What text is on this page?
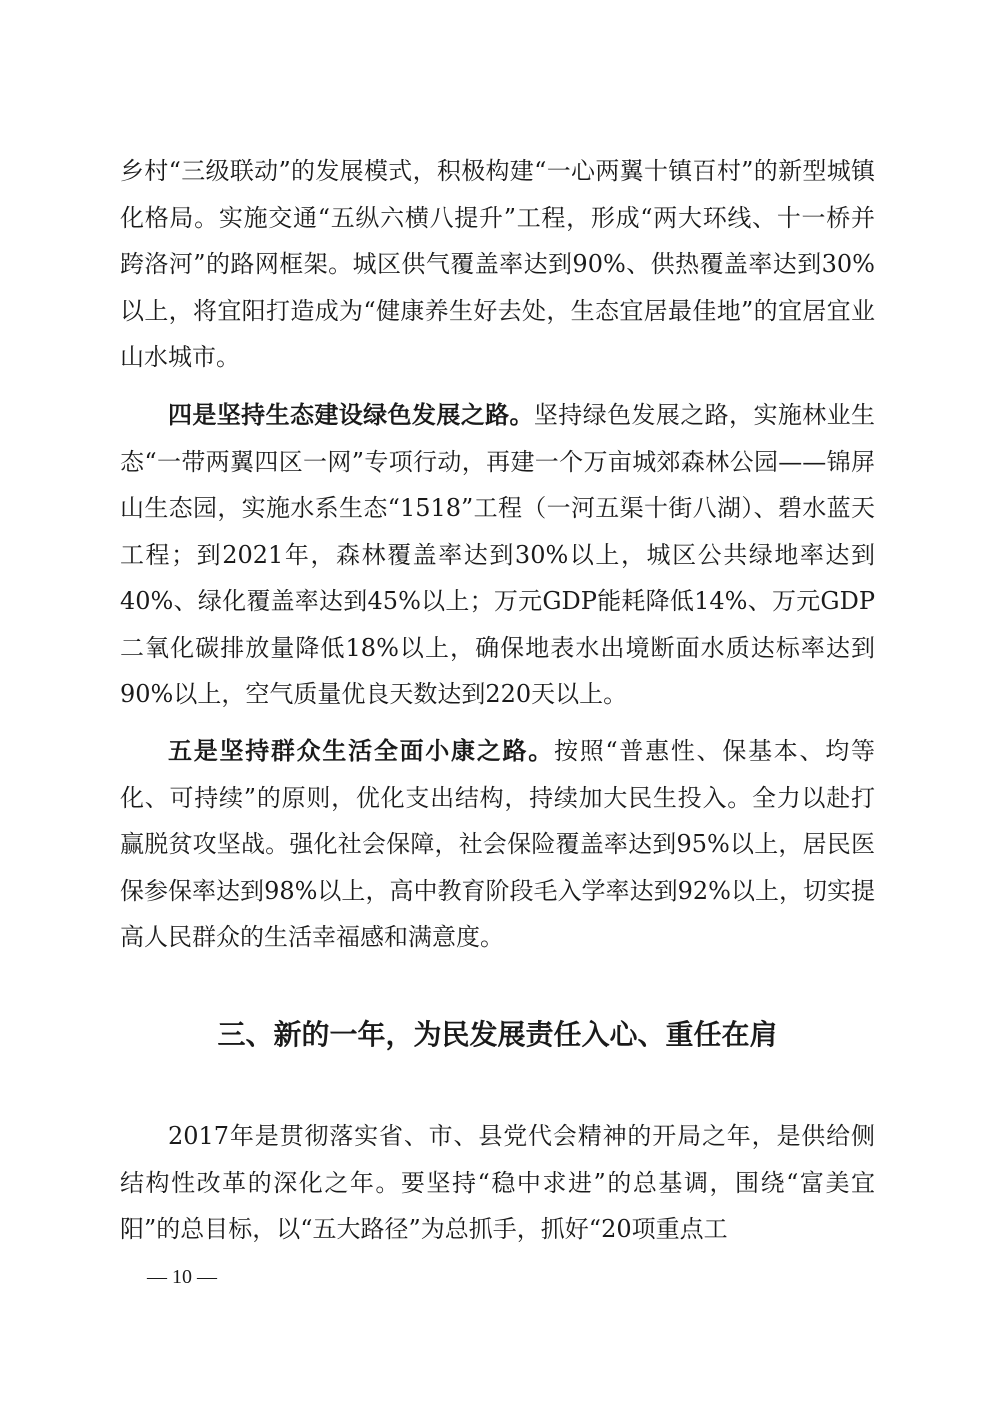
乡村“三级联动”的发展模式，积极构建“一心两翼十镇百村”的新型城镇化格局。实施交通“五纵六横八提升”工程，形成“两大环线、十一桥并跨洛河”的路网框架。城区供气覆盖率达到90%、供热覆盖率达到30%以上，将宜阳打造成为“健康养生好去处，生态宜居最佳地”的宜居宜业山水城市。

四是坚持生态建设绿色发展之路。坚持绿色发展之路，实施林业生态“一带两翼四区一网”专项行动，再建一个万亩城郊森林公园——锦屏山生态园，实施水系生态“1518”工程（一河五渠十街八湖）、碧水蓝天工程；到2021年，森林覆盖率达到30%以上，城区公共绿地率达到40%、绿化覆盖率达到45%以上；万元GDP能耗降低14%、万元GDP二氧化碳排放量降低18%以上，确保地表水出境断面水质达标率达到90%以上，空气质量优良天数达到220天以上。

五是坚持群众生活全面小康之路。按照“普惠性、保基本、均等化、可持续”的原则，优化支出结构，持续加大民生投入。全力以赴打赢脱贫攻坚战。强化社会保障，社会保险覆盖率达到95%以上，居民医保参保率达到98%以上，高中教育阶段毛入学率达到92%以上，切实提高人民群众的生活幸福感和满意度。

三、新的一年，为民发展责任入心、重任在肩

2017年是贯彻落实省、市、县党代会精神的开局之年，是供给侧结构性改革的深化之年。要坚持“稳中求进”的总基调，围绕“富美宜阳”的总目标，以“五大路径”为总抓手，抓好“20项重点工

— 10 —
